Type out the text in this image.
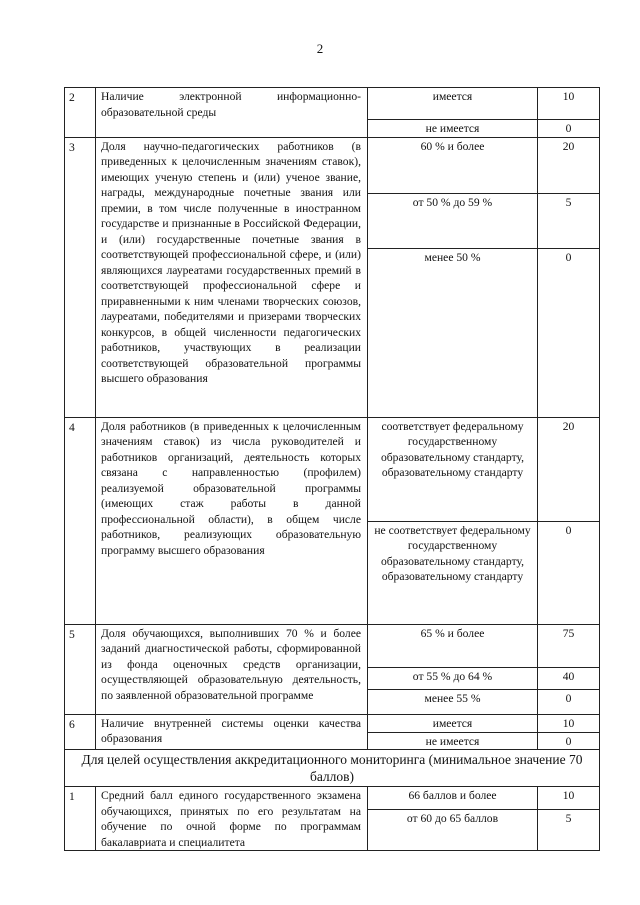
2
2	Наличие электронной информационно-образовательной среды	имеется	10
		не имеется	0
3	Доля научно-педагогических работников (в приведенных к целочисленным значениям ставок), имеющих ученую степень и (или) ученое звание, награды, международные почетные звания или премии, в том числе полученные в иностранном государстве и признанные в Российской Федерации, и (или) государственные почетные звания в соответствующей профессиональной сфере, и (или) являющихся лауреатами государственных премий в соответствующей профессиональной сфере и приравненными к ним членами творческих союзов, лауреатами, победителями и призерами творческих конкурсов, в общей численности педагогических работников, участвующих в реализации соответствующей образовательной программы высшего образования	60 % и более	20
		от 50 % до 59 %	5
		менее 50 %	0
4	Доля работников (в приведенных к целочисленным значениям ставок) из числа руководителей и работников организаций, деятельность которых связана с направленностью (профилем) реализуемой образовательной программы (имеющих стаж работы в данной профессиональной области), в общем числе работников, реализующих образовательную программу высшего образования	соответствует федеральному государственному образовательному стандарту, образовательному стандарту	20
		не соответствует федеральному государственному образовательному стандарту, образовательному стандарту	0
5	Доля обучающихся, выполнивших 70 % и более заданий диагностической работы, сформированной из фонда оценочных средств организации, осуществляющей образовательную деятельность, по заявленной образовательной программе	65 % и более	75
		от 55 % до 64 %	40
		менее 55 %	0
6	Наличие внутренней системы оценки качества образования	имеется	10
		не имеется	0
Для целей осуществления аккредитационного мониторинга (минимальное значение 70 баллов)			
1	Средний балл единого государственного экзамена обучающихся, принятых по его результатам на обучение по очной форме по программам бакалавриата и специалитета	66 баллов и более	10
		от 60 до 65 баллов	5
